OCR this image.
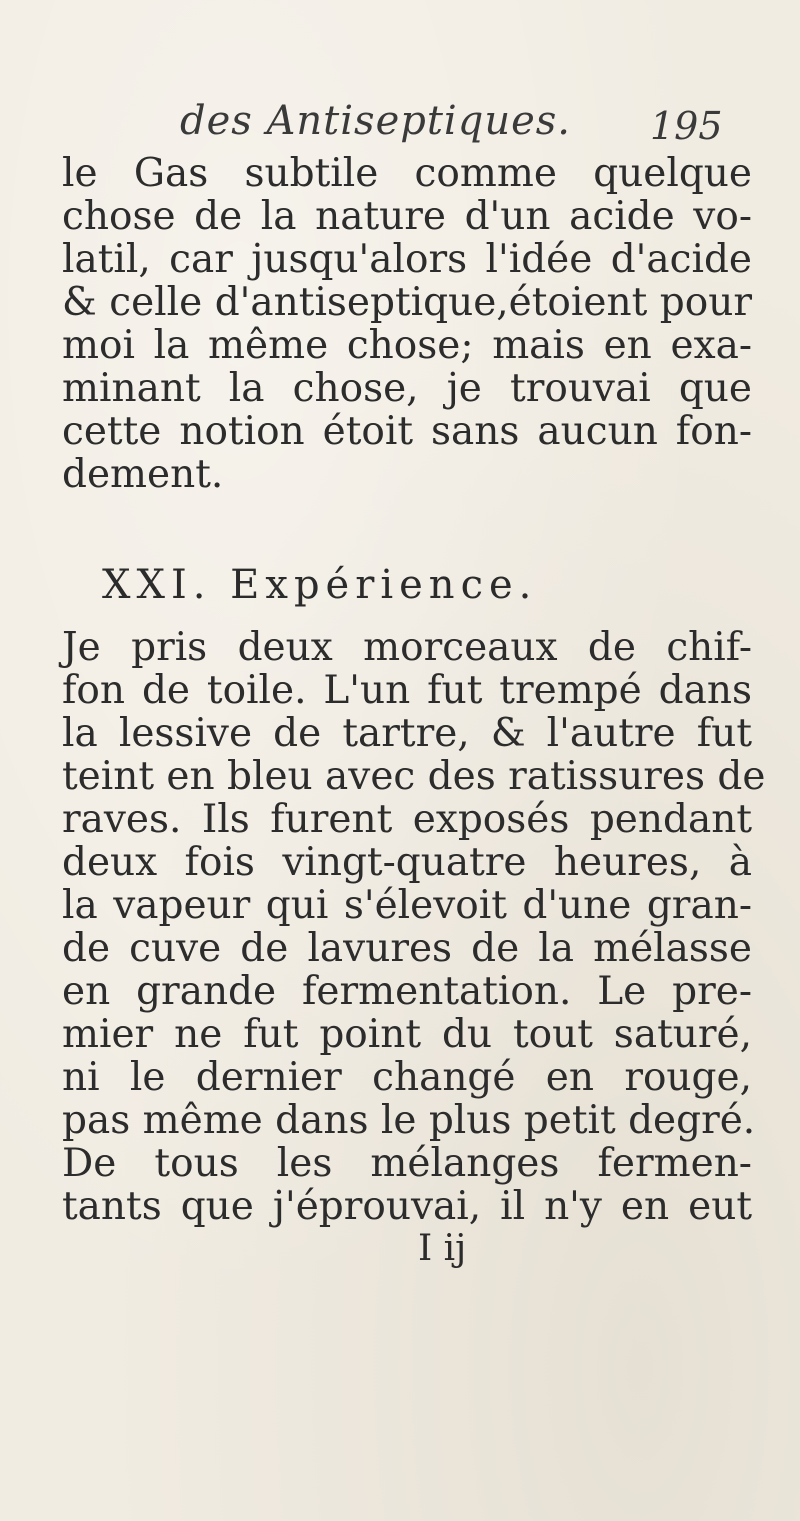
des Antiseptiques. 195
le Gas subtile comme quelque
chose de la nature d'un acide vo-
latil, car jusqu'alors l'idée d'acide
& celle d'antiseptique,étoient pour
moi la même chose; mais en exa-
minant la chose, je trouvai que
cette notion étoit sans aucun fon-
dement.
XXI. Expérience.
Je pris deux morceaux de chif-
fon de toile. L'un fut trempé dans
la lessive de tartre, & l'autre fut
teint en bleu avec des ratissures de
raves. Ils furent exposés pendant
deux fois vingt-quatre heures, à
la vapeur qui s'élevoit d'une gran-
de cuve de lavures de la mélasse
en grande fermentation. Le pre-
mier ne fut point du tout saturé,
ni le dernier changé en rouge,
pas même dans le plus petit degré.
De tous les mélanges fermen-
tants que j'éprouvai, il n'y en eut
I ij
